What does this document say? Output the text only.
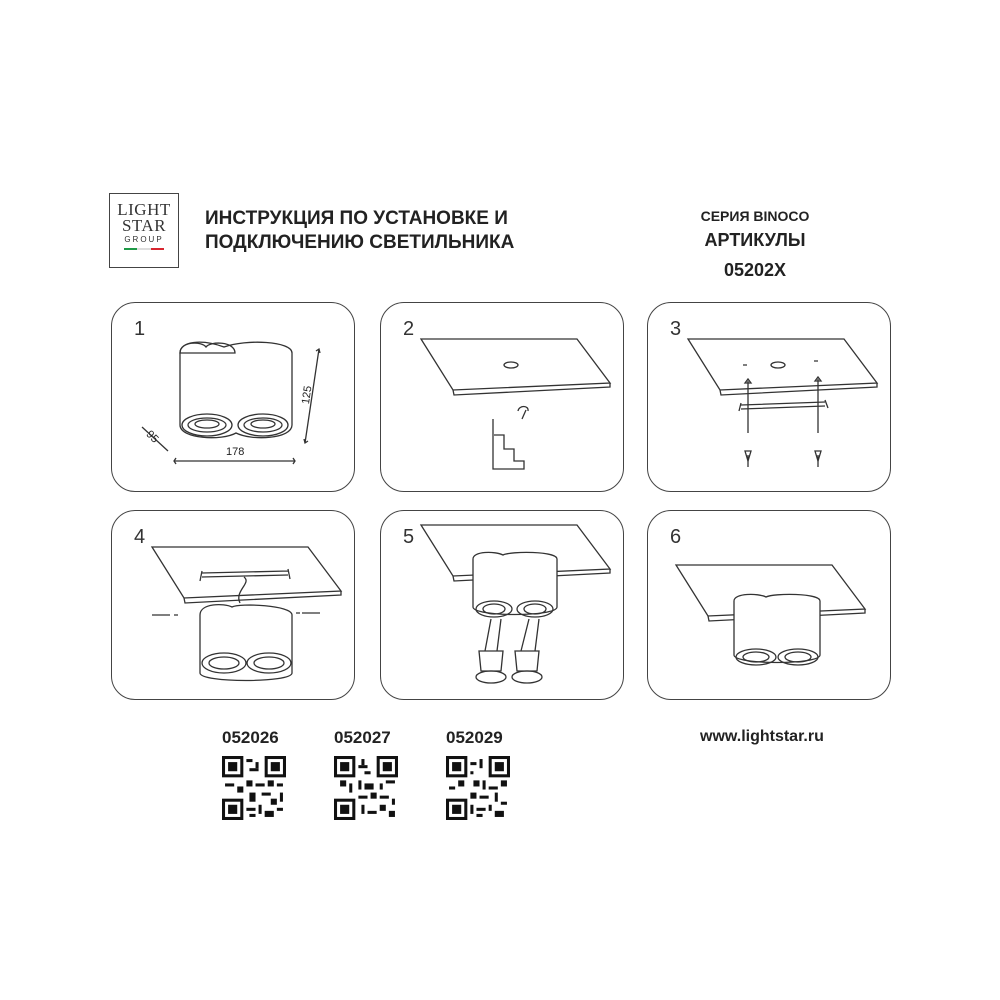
LIGHT
STAR
GROUP
ИНСТРУКЦИЯ ПО УСТАНОВКЕ И
ПОДКЛЮЧЕНИЮ СВЕТИЛЬНИКА
СЕРИЯ BINOCO
АРТИКУЛЫ 05202X
1
178
125
95
2	3
4	5	6
052026	052027	052029	www.lightstar.ru
